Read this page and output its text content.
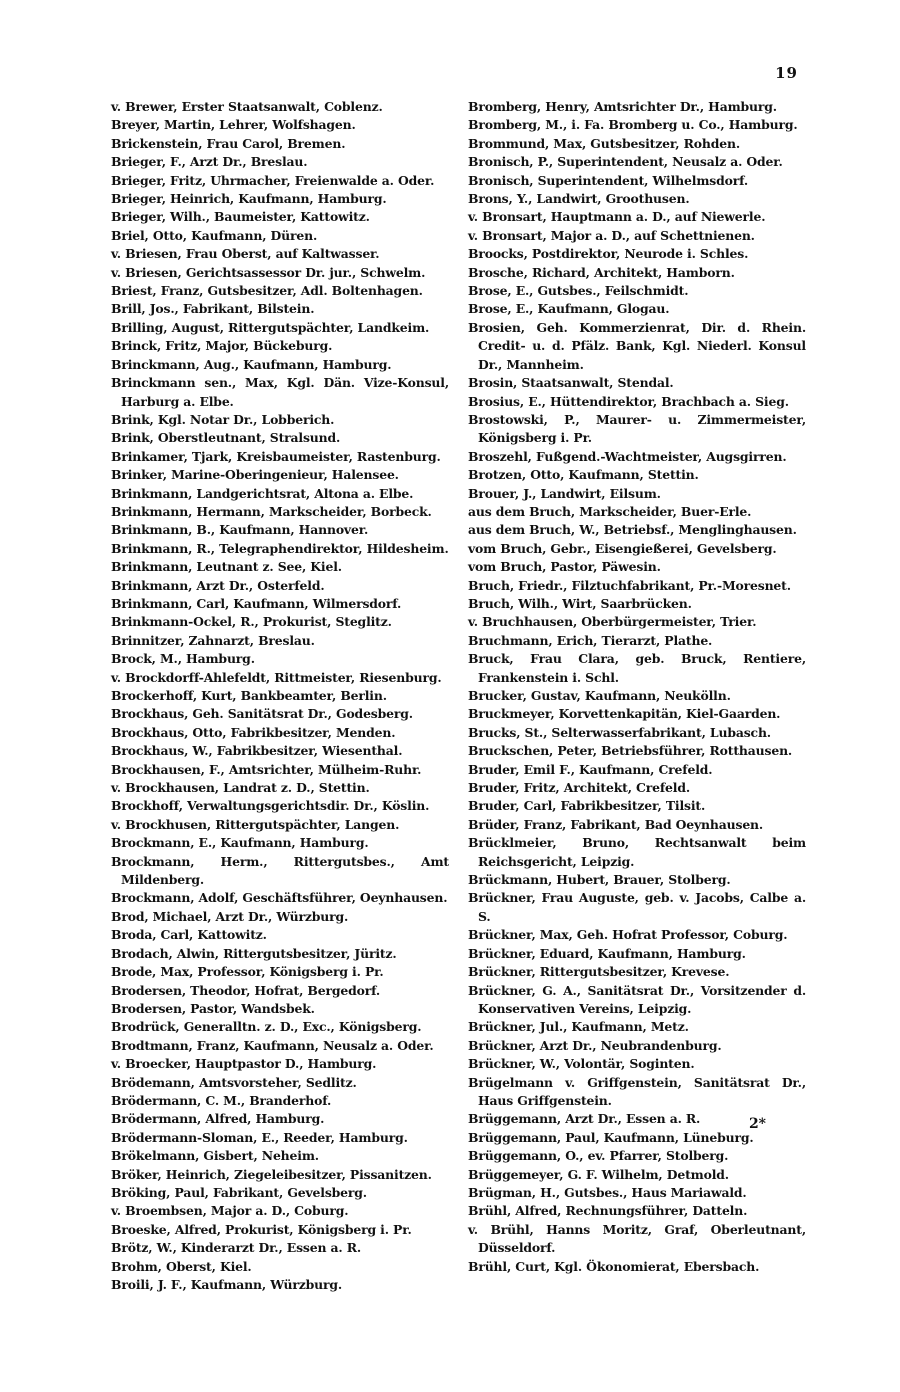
19
v. Brewer, Erster Staatsanwalt, Coblenz.
Breyer, Martin, Lehrer, Wolfshagen.
Brickenstein, Frau Carol, Bremen.
Brieger, F., Arzt Dr., Breslau.
Brieger, Fritz, Uhrmacher, Freienwalde a. Oder.
Brieger, Heinrich, Kaufmann, Hamburg.
Brieger, Wilh., Baumeister, Kattowitz.
Briel, Otto, Kaufmann, Düren.
v. Briesen, Frau Oberst, auf Kaltwasser.
v. Briesen, Gerichtsassessor Dr. jur., Schwelm.
Briest, Franz, Gutsbesitzer, Adl. Boltenhagen.
Brill, Jos., Fabrikant, Bilstein.
Brilling, August, Rittergutspächter, Landkeim.
Brinck, Fritz, Major, Bückeburg.
Brinckmann, Aug., Kaufmann, Hamburg.
Brinckmann sen., Max, Kgl. Dän. Vize-Konsul, Harburg a. Elbe.
Brink, Kgl. Notar Dr., Lobberich.
Brink, Oberstleutnant, Stralsund.
Brinkamer, Tjark, Kreisbaumeister, Rastenburg.
Brinker, Marine-Oberingenieur, Halensee.
Brinkmann, Landgerichtsrat, Altona a. Elbe.
Brinkmann, Hermann, Markscheider, Borbeck.
Brinkmann, B., Kaufmann, Hannover.
Brinkmann, R., Telegraphendirektor, Hildesheim.
Brinkmann, Leutnant z. See, Kiel.
Brinkmann, Arzt Dr., Osterfeld.
Brinkmann, Carl, Kaufmann, Wilmersdorf.
Brinkmann-Ockel, R., Prokurist, Steglitz.
Brinnitzer, Zahnarzt, Breslau.
Brock, M., Hamburg.
v. Brockdorff-Ahlefeldt, Rittmeister, Riesenburg.
Brockerhoff, Kurt, Bankbeamter, Berlin.
Brockhaus, Geh. Sanitätsrat Dr., Godesberg.
Brockhaus, Otto, Fabrikbesitzer, Menden.
Brockhaus, W., Fabrikbesitzer, Wiesenthal.
Brockhausen, F., Amtsrichter, Mülheim-Ruhr.
v. Brockhausen, Landrat z. D., Stettin.
Brockhoff, Verwaltungsgerichtsdir. Dr., Köslin.
v. Brockhusen, Rittergutspächter, Langen.
Brockmann, E., Kaufmann, Hamburg.
Brockmann, Herm., Rittergutsbes., Amt Mildenberg.
Brockmann, Adolf, Geschäftsführer, Oeynhausen.
Brod, Michael, Arzt Dr., Würzburg.
Broda, Carl, Kattowitz.
Brodach, Alwin, Rittergutsbesitzer, Jüritz.
Brode, Max, Professor, Königsberg i. Pr.
Brodersen, Theodor, Hofrat, Bergedorf.
Brodersen, Pastor, Wandsbek.
Brodrück, Generalltn. z. D., Exc., Königsberg.
Brodtmann, Franz, Kaufmann, Neusalz a. Oder.
v. Broecker, Hauptpastor D., Hamburg.
Brödemann, Amtsvorsteher, Sedlitz.
Brödermann, C. M., Branderhof.
Brödermann, Alfred, Hamburg.
Brödermann-Sloman, E., Reeder, Hamburg.
Brökelmann, Gisbert, Neheim.
Bröker, Heinrich, Ziegeleibesitzer, Pissanitzen.
Bröking, Paul, Fabrikant, Gevelsberg.
v. Broembsen, Major a. D., Coburg.
Broeske, Alfred, Prokurist, Königsberg i. Pr.
Brötz, W., Kinderarzt Dr., Essen a. R.
Brohm, Oberst, Kiel.
Broili, J. F., Kaufmann, Würzburg.
Bromberg, Henry, Amtsrichter Dr., Hamburg.
Bromberg, M., i. Fa. Bromberg u. Co., Hamburg.
Brommund, Max, Gutsbesitzer, Rohden.
Bronisch, P., Superintendent, Neusalz a. Oder.
Bronisch, Superintendent, Wilhelmsdorf.
Brons, Y., Landwirt, Groothusen.
v. Bronsart, Hauptmann a. D., auf Niewerle.
v. Bronsart, Major a. D., auf Schettnienen.
Broocks, Postdirektor, Neurode i. Schles.
Brosche, Richard, Architekt, Hamborn.
Brose, E., Gutsbes., Feilschmidt.
Brose, E., Kaufmann, Glogau.
Brosien, Geh. Kommerzienrat, Dir. d. Rhein. Credit- u. d. Pfälz. Bank, Kgl. Niederl. Konsul Dr., Mannheim.
Brosin, Staatsanwalt, Stendal.
Brosius, E., Hüttendirektor, Brachbach a. Sieg.
Brostowski, P., Maurer- u. Zimmermeister, Königsberg i. Pr.
Broszehl, Fußgend.-Wachtmeister, Augsgirren.
Brotzen, Otto, Kaufmann, Stettin.
Brouer, J., Landwirt, Eilsum.
aus dem Bruch, Markscheider, Buer-Erle.
aus dem Bruch, W., Betriebsf., Menglinghausen.
vom Bruch, Gebr., Eisengießerei, Gevelsberg.
vom Bruch, Pastor, Päwesin.
Bruch, Friedr., Filztuchfabrikant, Pr.-Moresnet.
Bruch, Wilh., Wirt, Saarbrücken.
v. Bruchhausen, Oberbürgermeister, Trier.
Bruchmann, Erich, Tierarzt, Plathe.
Bruck, Frau Clara, geb. Bruck, Rentiere, Frankenstein i. Schl.
Brucker, Gustav, Kaufmann, Neukölln.
Bruckmeyer, Korvettenkapitän, Kiel-Gaarden.
Brucks, St., Selterwasserfabrikant, Lubasch.
Bruckschen, Peter, Betriebsführer, Rotthausen.
Bruder, Emil F., Kaufmann, Crefeld.
Bruder, Fritz, Architekt, Crefeld.
Bruder, Carl, Fabrikbesitzer, Tilsit.
Brüder, Franz, Fabrikant, Bad Oeynhausen.
Brücklmeier, Bruno, Rechtsanwalt beim Reichsgericht, Leipzig.
Brückmann, Hubert, Brauer, Stolberg.
Brückner, Frau Auguste, geb. v. Jacobs, Calbe a. S.
Brückner, Max, Geh. Hofrat Professor, Coburg.
Brückner, Eduard, Kaufmann, Hamburg.
Brückner, Rittergutsbesitzer, Krevese.
Brückner, G. A., Sanitätsrat Dr., Vorsitzender d. Konservativen Vereins, Leipzig.
Brückner, Jul., Kaufmann, Metz.
Brückner, Arzt Dr., Neubrandenburg.
Brückner, W., Volontär, Soginten.
Brügelmann v. Griffgenstein, Sanitätsrat Dr., Haus Griffgenstein.
Brüggemann, Arzt Dr., Essen a. R.
Brüggemann, Paul, Kaufmann, Lüneburg.
Brüggemann, O., ev. Pfarrer, Stolberg.
Brüggemeyer, G. F. Wilhelm, Detmold.
Brügman, H., Gutsbes., Haus Mariawald.
Brühl, Alfred, Rechnungsführer, Datteln.
v. Brühl, Hanns Moritz, Graf, Oberleutnant, Düsseldorf.
Brühl, Curt, Kgl. Ökonomierat, Ebersbach.
2*
